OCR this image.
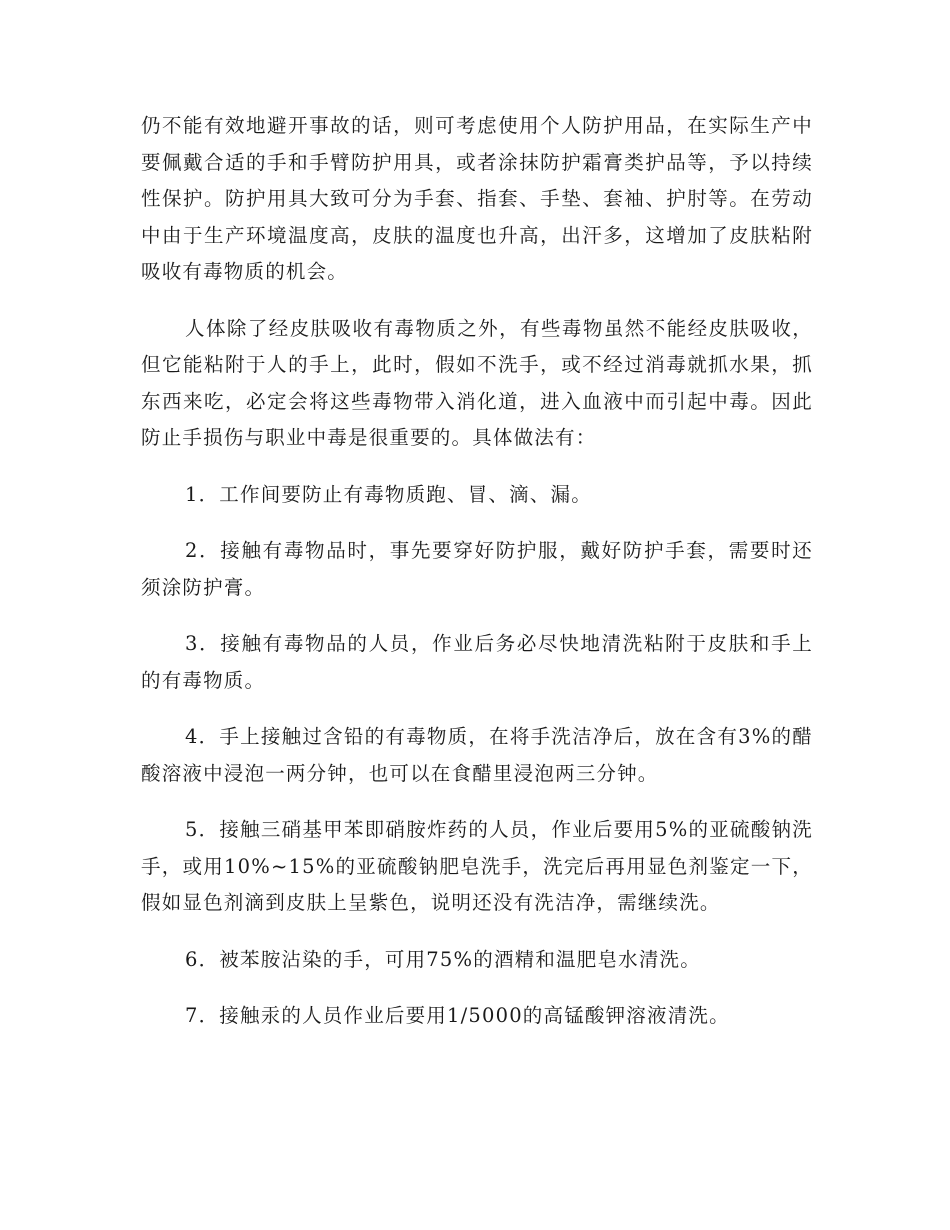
仍不能有效地避开事故的话，则可考虑使用个人防护用品，在实际生产中要佩戴合适的手和手臂防护用具，或者涂抹防护霜膏类护品等，予以持续性保护。防护用具大致可分为手套、指套、手垫、套袖、护肘等。在劳动中由于生产环境温度高，皮肤的温度也升高，出汗多，这增加了皮肤粘附吸收有毒物质的机会。

人体除了经皮肤吸收有毒物质之外，有些毒物虽然不能经皮肤吸收，但它能粘附于人的手上，此时，假如不洗手，或不经过消毒就抓水果，抓东西来吃，必定会将这些毒物带入消化道，进入血液中而引起中毒。因此防止手损伤与职业中毒是很重要的。具体做法有：

1．工作间要防止有毒物质跑、冒、滴、漏。

2．接触有毒物品时，事先要穿好防护服，戴好防护手套，需要时还须涂防护膏。

3．接触有毒物品的人员，作业后务必尽快地清洗粘附于皮肤和手上的有毒物质。

4．手上接触过含铅的有毒物质，在将手洗洁净后，放在含有3%的醋酸溶液中浸泡一两分钟，也可以在食醋里浸泡两三分钟。

5．接触三硝基甲苯即硝胺炸药的人员，作业后要用5%的亚硫酸钠洗手，或用10%~15%的亚硫酸钠肥皂洗手，洗完后再用显色剂鉴定一下，假如显色剂滴到皮肤上呈紫色，说明还没有洗洁净，需继续洗。

6．被苯胺沾染的手，可用75%的酒精和温肥皂水清洗。

7．接触汞的人员作业后要用1/5000的高锰酸钾溶液清洗。
